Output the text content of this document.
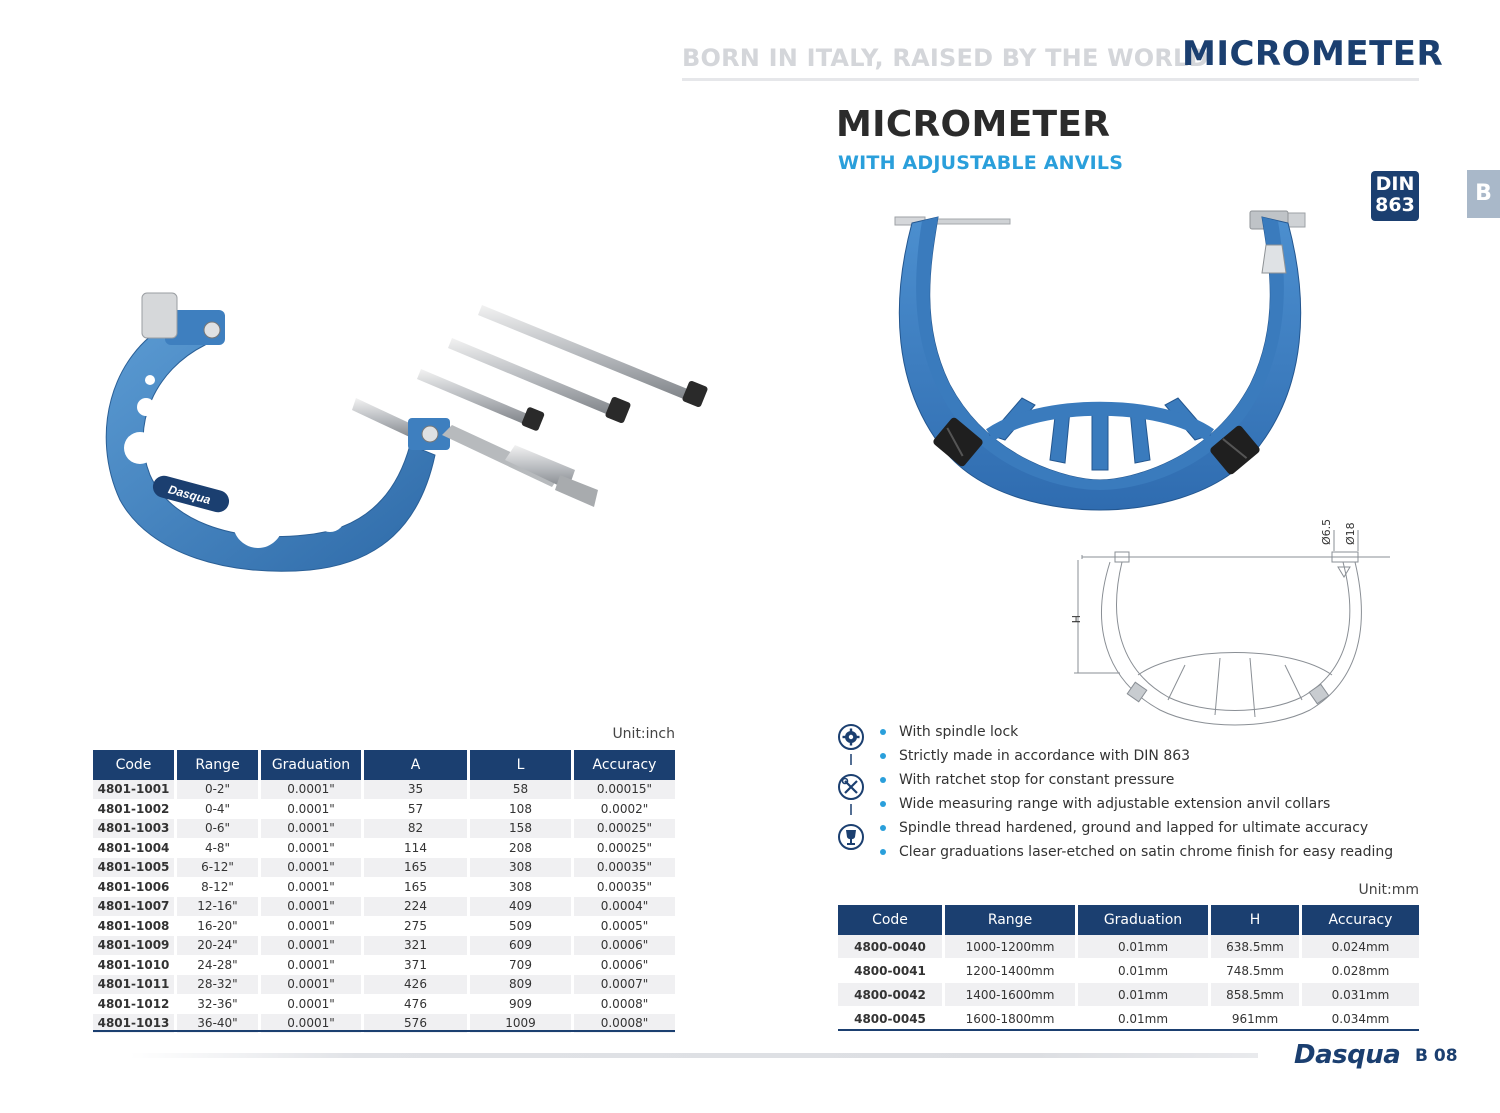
BORN IN ITALY, RAISED BY THE WORLD
MICROMETER
MICROMETER
WITH ADJUSTABLE ANVILS
DIN
863	B
Dasqua
Ø6.5 Ø18
H
Unit:inch
Code	Range	Graduation	A	L	Accuracy
4801-1001	0-2"	0.0001"	35	58	0.00015"
4801-1002	0-4"	0.0001"	57	108	0.0002"
4801-1003	0-6"	0.0001"	82	158	0.00025"
4801-1004	4-8"	0.0001"	114	208	0.00025"
4801-1005	6-12"	0.0001"	165	308	0.00035"
4801-1006	8-12"	0.0001"	165	308	0.00035"
4801-1007	12-16"	0.0001"	224	409	0.0004"
4801-1008	16-20"	0.0001"	275	509	0.0005"
4801-1009	20-24"	0.0001"	321	609	0.0006"
4801-1010	24-28"	0.0001"	371	709	0.0006"
4801-1011	28-32"	0.0001"	426	809	0.0007"
4801-1012	32-36"	0.0001"	476	909	0.0008"
4801-1013	36-40"	0.0001"	576	1009	0.0008"
With spindle lock
Strictly made in accordance with DIN 863
With ratchet stop for constant pressure
Wide measuring range with adjustable extension anvil collars
Spindle thread hardened, ground and lapped for ultimate accuracy
Clear graduations laser-etched on satin chrome finish for easy reading
Unit:mm
Code	Range	Graduation	H	Accuracy
4800-0040	1000-1200mm	0.01mm	638.5mm	0.024mm
4800-0041	1200-1400mm	0.01mm	748.5mm	0.028mm
4800-0042	1400-1600mm	0.01mm	858.5mm	0.031mm
4800-0045	1600-1800mm	0.01mm	961mm	0.034mm
Dasqua B 08
